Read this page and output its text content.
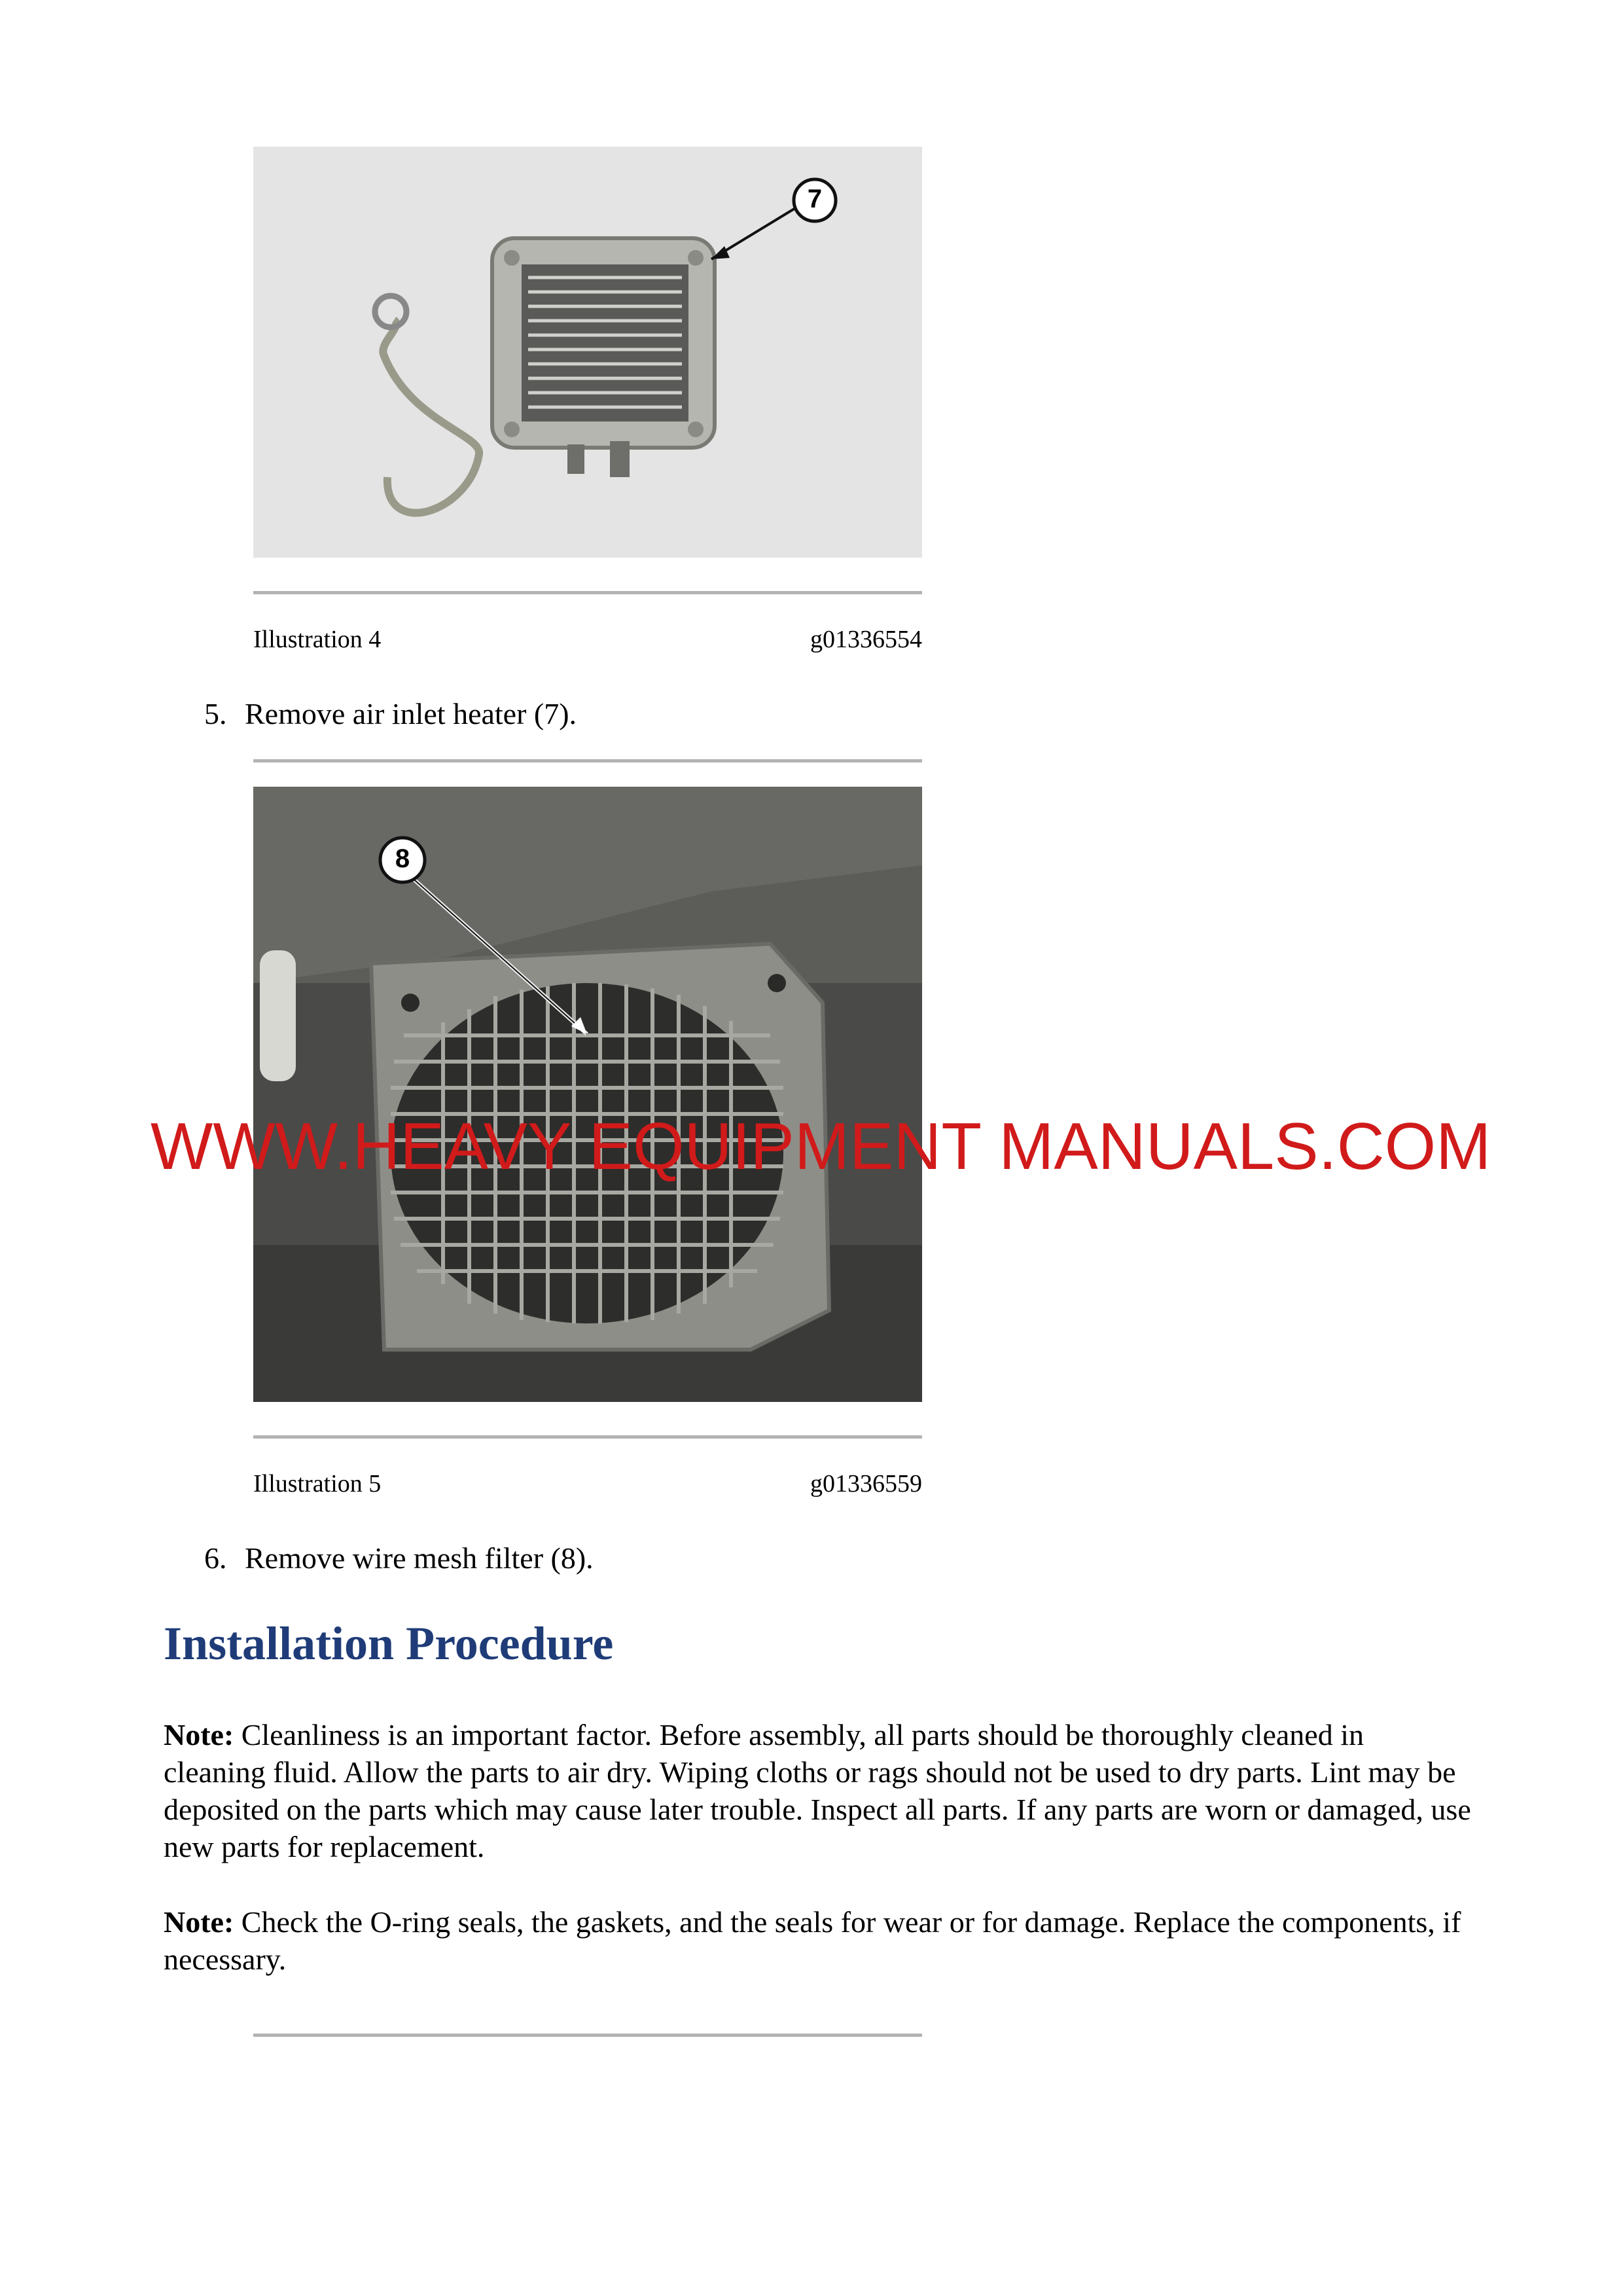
7
Illustration 4	g01336554
5. Remove air inlet heater (7).
8
Illustration 5	g01336559
6. Remove wire mesh filter (8).
Installation Procedure
Note: Cleanliness is an important factor. Before assembly, all parts should be thoroughly cleaned in cleaning fluid. Allow the parts to air dry. Wiping cloths or rags should not be used to dry parts. Lint may be deposited on the parts which may cause later trouble. Inspect all parts. If any parts are worn or damaged, use new parts for replacement.
Note: Check the O-ring seals, the gaskets, and the seals for wear or for damage. Replace the components, if necessary.
WWW.HEAVY EQUIPMENT MANUALS.COM
